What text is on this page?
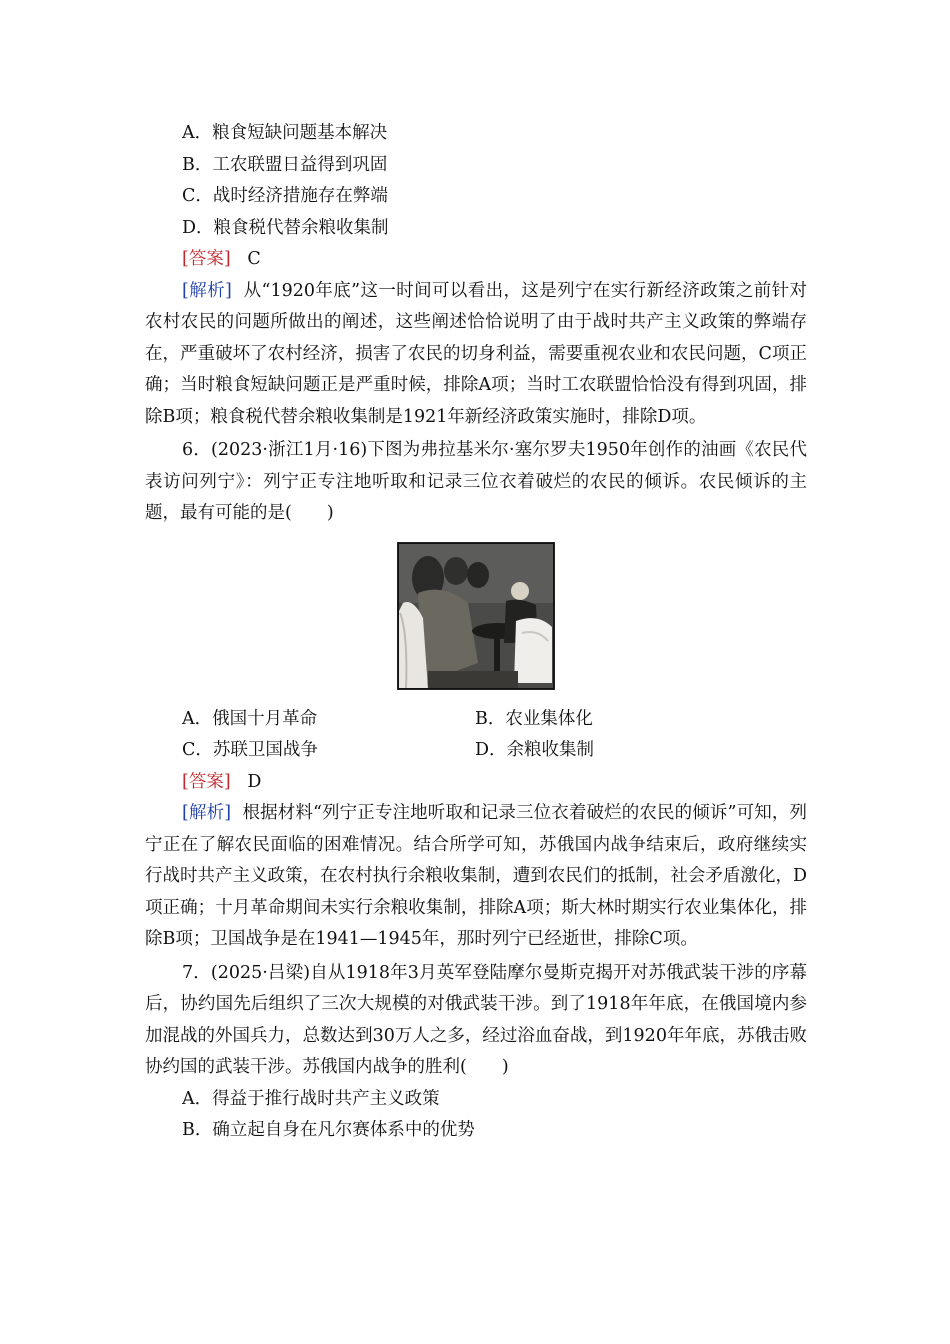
A．粮食短缺问题基本解决
B．工农联盟日益得到巩固
C．战时经济措施存在弊端
D．粮食税代替余粮收集制
[答案] C

[解析] 从“1920年底”这一时间可以看出，这是列宁在实行新经济政策之前针对农村农民的问题所做出的阐述，这些阐述恰恰说明了由于战时共产主义政策的弊端存在，严重破坏了农村经济，损害了农民的切身利益，需要重视农业和农民问题，C项正确；当时粮食短缺问题正是严重时候，排除A项；当时工农联盟恰恰没有得到巩固，排除B项；粮食税代替余粮收集制是1921年新经济政策实施时，排除D项。

6．(2023·浙江1月·16)下图为弗拉基米尔·塞尔罗夫1950年创作的油画《农民代表访问列宁》：列宁正专注地听取和记录三位衣着破烂的农民的倾诉。农民倾诉的主题，最有可能的是(　　)

A．俄国十月革命	B．农业集体化
C．苏联卫国战争	D．余粮收集制
[答案] D

[解析] 根据材料“列宁正专注地听取和记录三位衣着破烂的农民的倾诉”可知，列宁正在了解农民面临的困难情况。结合所学可知，苏俄国内战争结束后，政府继续实行战时共产主义政策，在农村执行余粮收集制，遭到农民们的抵制，社会矛盾激化，D项正确；十月革命期间未实行余粮收集制，排除A项；斯大林时期实行农业集体化，排除B项；卫国战争是在1941—1945年，那时列宁已经逝世，排除C项。

7．(2025·吕梁)自从1918年3月英军登陆摩尔曼斯克揭开对苏俄武装干涉的序幕后，协约国先后组织了三次大规模的对俄武装干涉。到了1918年年底，在俄国境内参加混战的外国兵力，总数达到30万人之多，经过浴血奋战，到1920年年底，苏俄击败协约国的武装干涉。苏俄国内战争的胜利(　　)

A．得益于推行战时共产主义政策
B．确立起自身在凡尔赛体系中的优势
